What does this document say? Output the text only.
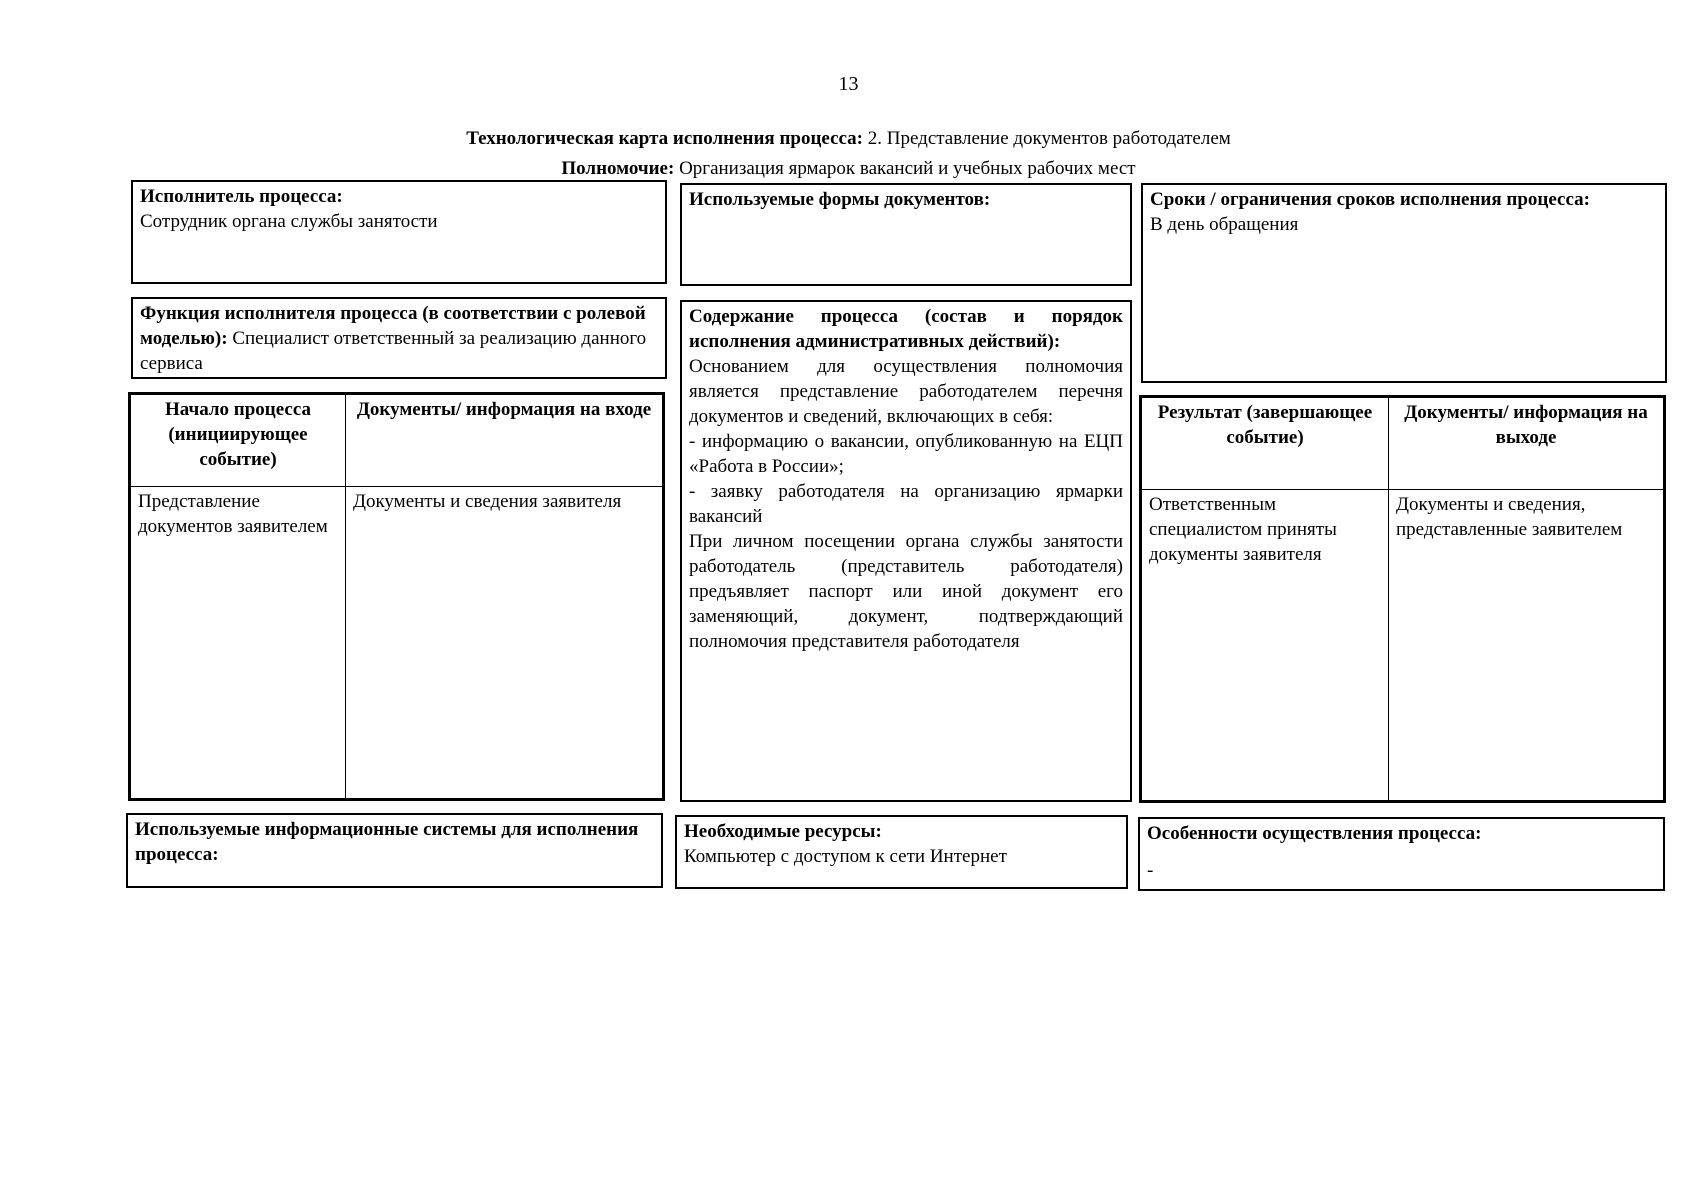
13
Технологическая карта исполнения процесса: 2. Представление документов работодателем
Полномочие: Организация ярмарок вакансий и учебных рабочих мест
Исполнитель процесса:
Сотрудник органа службы занятости
Используемые формы документов:	Сроки / ограничения сроков исполнения процесса:
В день обращения
Функция исполнителя процесса (в соответствии с ролевой моделью): Специалист ответственный за реализацию данного сервиса
Содержание процесса (состав и порядок исполнения административных действий):
Основанием для осуществления полномочия является представление работодателем перечня документов и сведений, включающих в себя:
- информацию о вакансии, опубликованную на ЕЦП «Работа в России»;
- заявку работодателя на организацию ярмарки вакансий
При личном посещении органа службы занятости работодатель (представитель работодателя) предъявляет паспорт или иной документ его заменяющий, документ, подтверждающий полномочия представителя работодателя
Начало процесса (инициирующее событие)	Документы/ информация на входе
Представление документов заявителем	Документы и сведения заявителя
Результат (завершающее событие)	Документы/ информация на выходе
Ответственным специалистом приняты документы заявителя	Документы и сведения, представленные заявителем
Используемые информационные системы для исполнения процесса:
Необходимые ресурсы:
Компьютер с доступом к сети Интернет
Особенности осуществления процесса:
-
